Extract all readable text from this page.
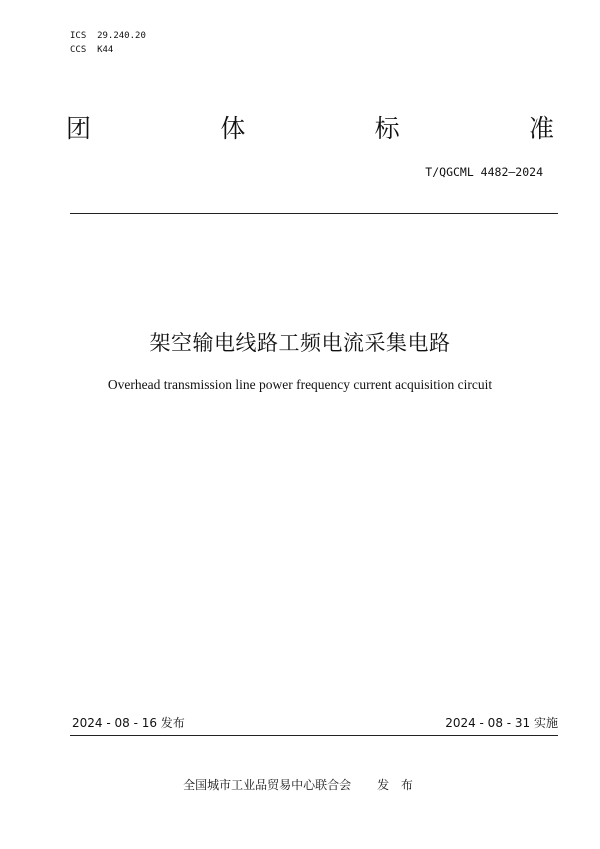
ICS  29.240.20
CCS  K44
团	体	标	准
T/QGCML 4482—2024
架空输电线路工频电流采集电路
Overhead transmission line power frequency current acquisition circuit
2024 - 08 - 16 发布	2024 - 08 - 31 实施
全国城市工业品贸易中心联合会 发 布
